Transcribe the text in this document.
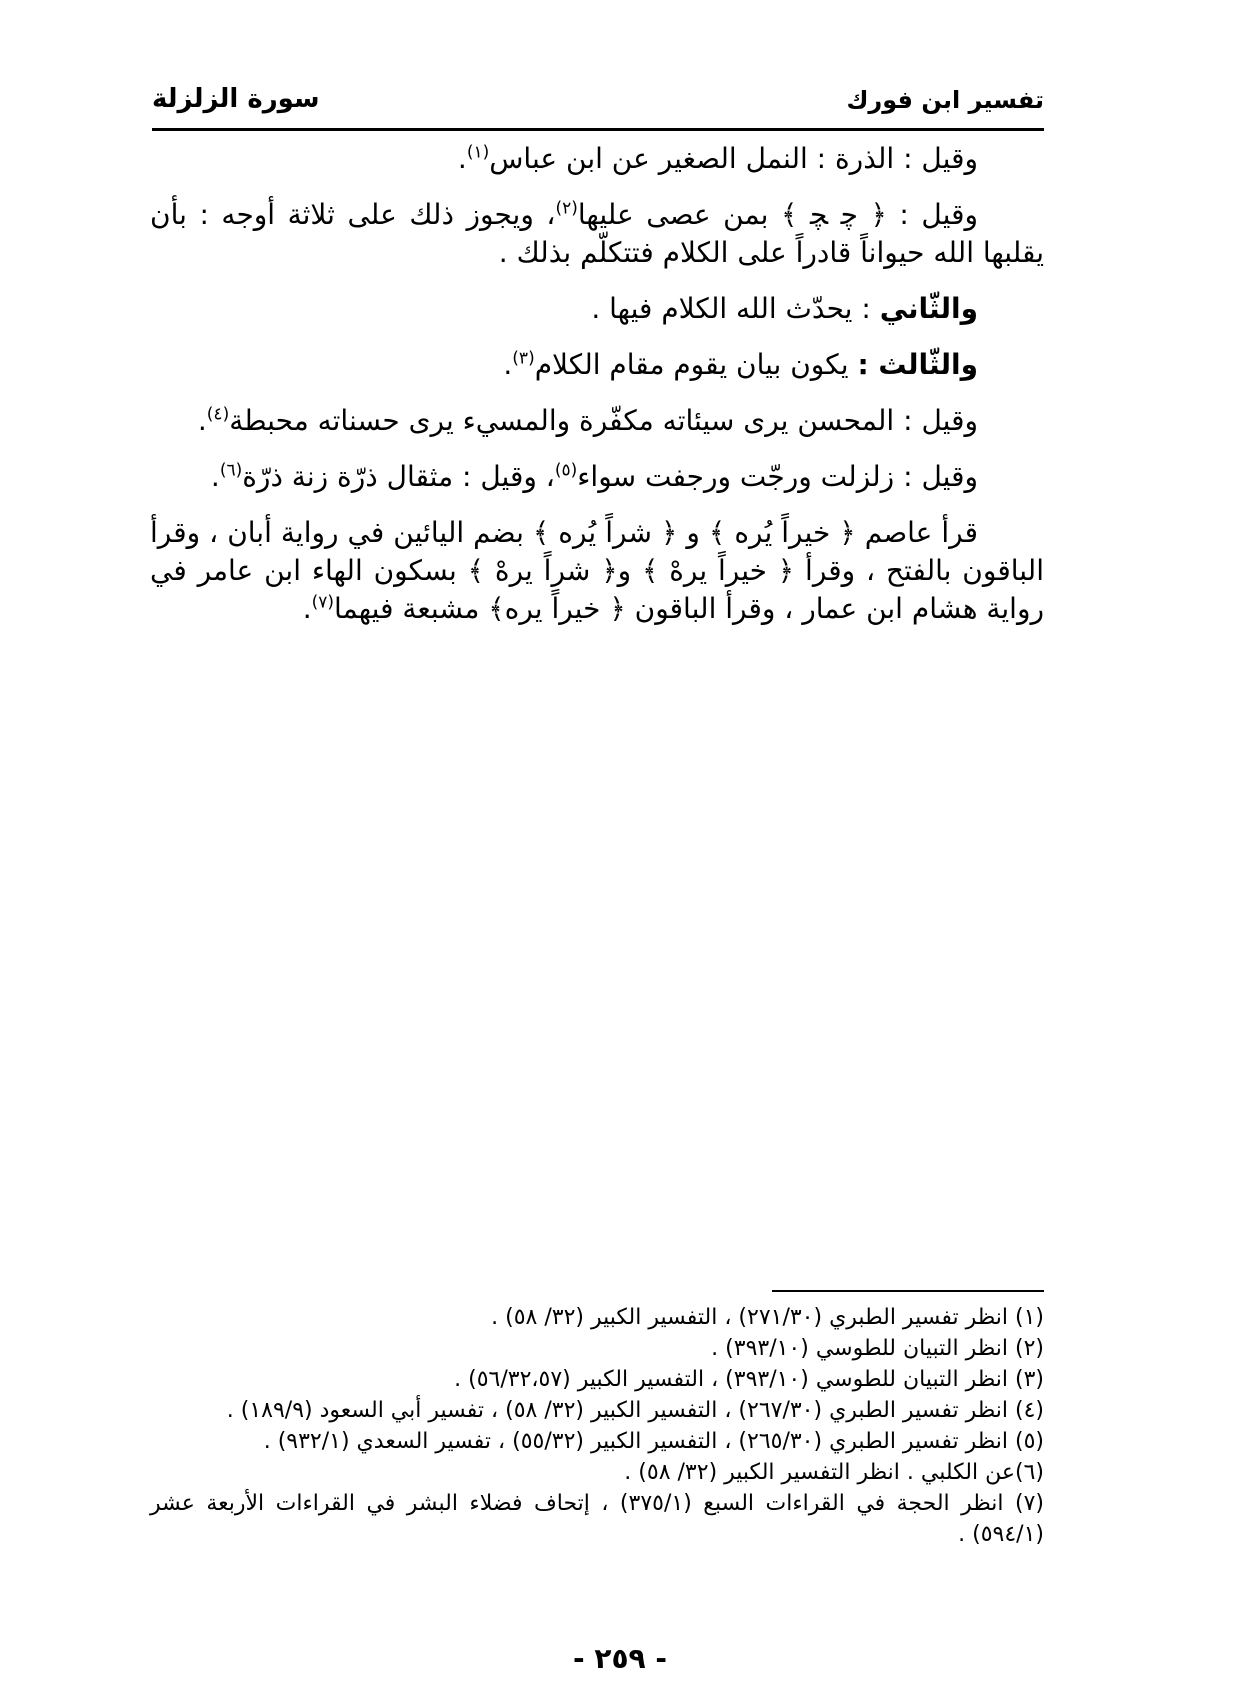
تفسير ابن فورك
سورة الزلزلة

وقيل : الذرة : النمل الصغير عن ابن عباس$^{(١)}$.

وقيل : ﴿ ﭼ ﭽ ﴾ بمن عصى عليها$^{(٢)}$، ويجوز ذلك على ثلاثة أوجه : بأن يقلبها الله حيواناً قادراً على الكلام فتتكلّم بذلك .

والثّاني : يحدّث الله الكلام فيها .

والثّالث : يكون بيان يقوم مقام الكلام$^{(٣)}$.

وقيل : المحسن يرى سيئاته مكفّرة والمسيء يرى حسناته محبطة$^{(٤)}$.

وقيل : زلزلت ورجّت ورجفت سواء$^{(٥)}$، وقيل : مثقال ذرّة زنة ذرّة$^{(٦)}$.

قرأ عاصم ﴿ خيراً يُره ﴾ و ﴿ شراً يُره ﴾ بضم اليائين في رواية أبان ، وقرأ الباقون بالفتح ، وقرأ ﴿ خيراً يرهْ ﴾ و﴿ شراً يرهْ ﴾ بسكون الهاء ابن عامر في رواية هشام ابن عمار ، وقرأ الباقون ﴿ خيراً يره﴾ مشبعة فيهما$^{(٧)}$.

(١) انظر تفسير الطبري (٢٧١/٣٠) ، التفسير الكبير (٣٢/ ٥٨) .

(٢) انظر التبيان للطوسي (٣٩٣/١٠) .

(٣) انظر التبيان للطوسي (٣٩٣/١٠) ، التفسير الكبير (٥٦/٣٢،٥٧) .

(٤) انظر تفسير الطبري (٢٦٧/٣٠) ، التفسير الكبير (٣٢/ ٥٨) ، تفسير أبي السعود (١٨٩/٩) .

(٥) انظر تفسير الطبري (٢٦٥/٣٠) ، التفسير الكبير (٥٥/٣٢) ، تفسير السعدي (٩٣٢/١) .

(٦)عن الكلبي . انظر التفسير الكبير (٣٢/ ٥٨) .

(٧) انظر الحجة في القراءات السبع (٣٧٥/١) ، إتحاف فضلاء البشر في القراءات الأربعة عشر (٥٩٤/١) .

- ٢٥٩ -
